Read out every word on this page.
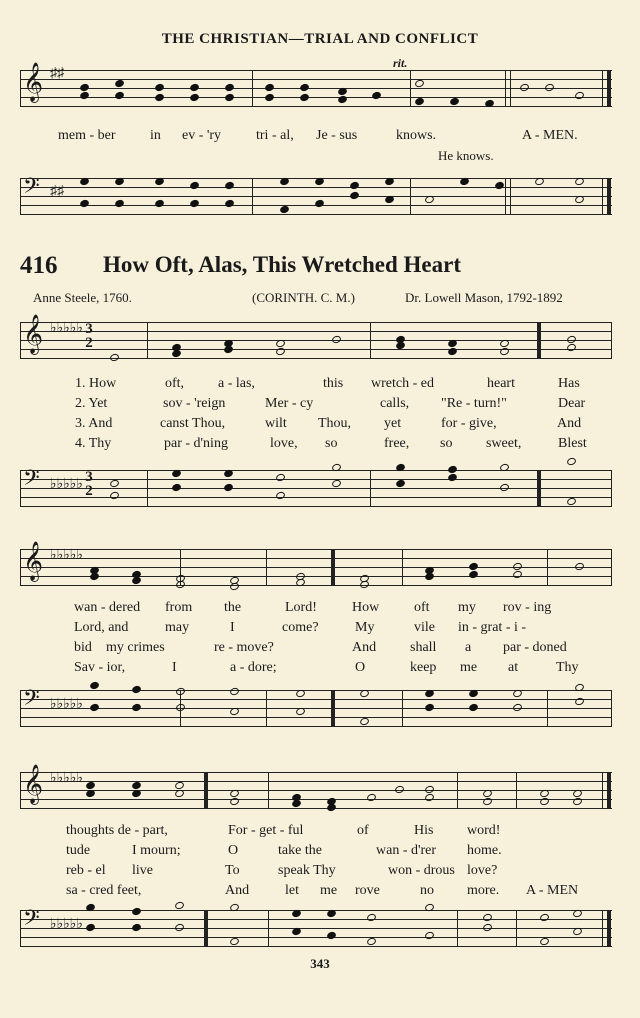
THE CHRISTIAN—TRIAL AND CONFLICT
𝄞 ♯♯
rit.
mem - ber in ev - 'ry tri - al, Je - sus	knows.	A - MEN.
He knows.
𝄢 ♯♯
416 How Oft, Alas, This Wretched Heart
Anne Steele, 1760.	(CORINTH. C. M.)	Dr. Lowell Mason, 1792-1892
𝄞 ♭♭♭♭♭ 3
2
1. How	oft, a - las,	this wretch - ed	heart	Has
2. Yet	sov - 'reign	Mer - cy	calls, "Re - turn!"	Dear
3. And	canst Thou,	wilt Thou, yet	for - give,	And
4. Thy	par - d'ning	love, so	free, so sweet,	Blest
𝄢 ♭♭♭♭♭ 3
2
𝄞 ♭♭♭♭♭
wan - dered from the	Lord!	How oft my rov - ing
Lord, and	may	I	come?	My	vile in - grat - i -
bid my crimes	re - move?	And shall a par - doned
Sav - ior,	I	a - dore;	O	keep me at	Thy
𝄢 ♭♭♭♭♭
𝄞 ♭♭♭♭♭
thoughts de - part,	For - get - ful	of	His word!
tude	I mourn;	O	take the	wan - d'rer home.
reb - el live	To	speak Thy	won - drous love?
sa - cred feet,	And	let me rove	no more. A - MEN
𝄢 ♭♭♭♭♭
343
